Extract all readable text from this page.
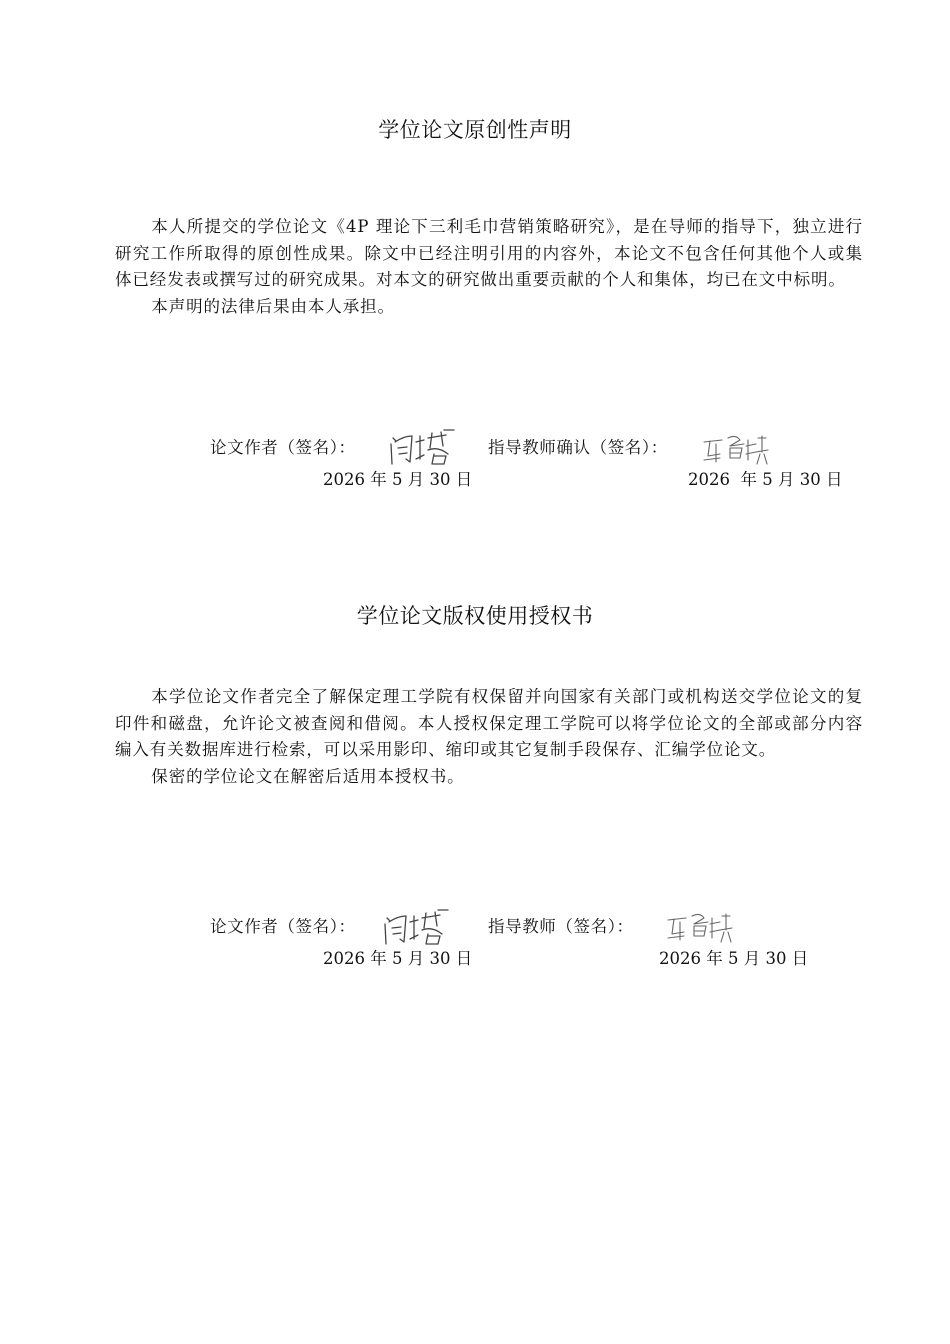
学位论文原创性声明

本人所提交的学位论文《4P 理论下三利毛巾营销策略研究》，是在导师的指导下，独立进行研究工作所取得的原创性成果。除文中已经注明引用的内容外，本论文不包含任何其他个人或集体已经发表或撰写过的研究成果。对本文的研究做出重要贡献的个人和集体，均已在文中标明。

本声明的法律后果由本人承担。

论文作者（签名）：	指导教师确认（签名）：
2026 年 5 月 30 日	2026  年 5 月 30 日
学位论文版权使用授权书

本学位论文作者完全了解保定理工学院有权保留并向国家有关部门或机构送交学位论文的复印件和磁盘，允许论文被查阅和借阅。本人授权保定理工学院可以将学位论文的全部或部分内容编入有关数据库进行检索，可以采用影印、缩印或其它复制手段保存、汇编学位论文。

保密的学位论文在解密后适用本授权书。

论文作者（签名）：	指导教师（签名）：
2026 年 5 月 30 日	2026 年 5 月 30 日
